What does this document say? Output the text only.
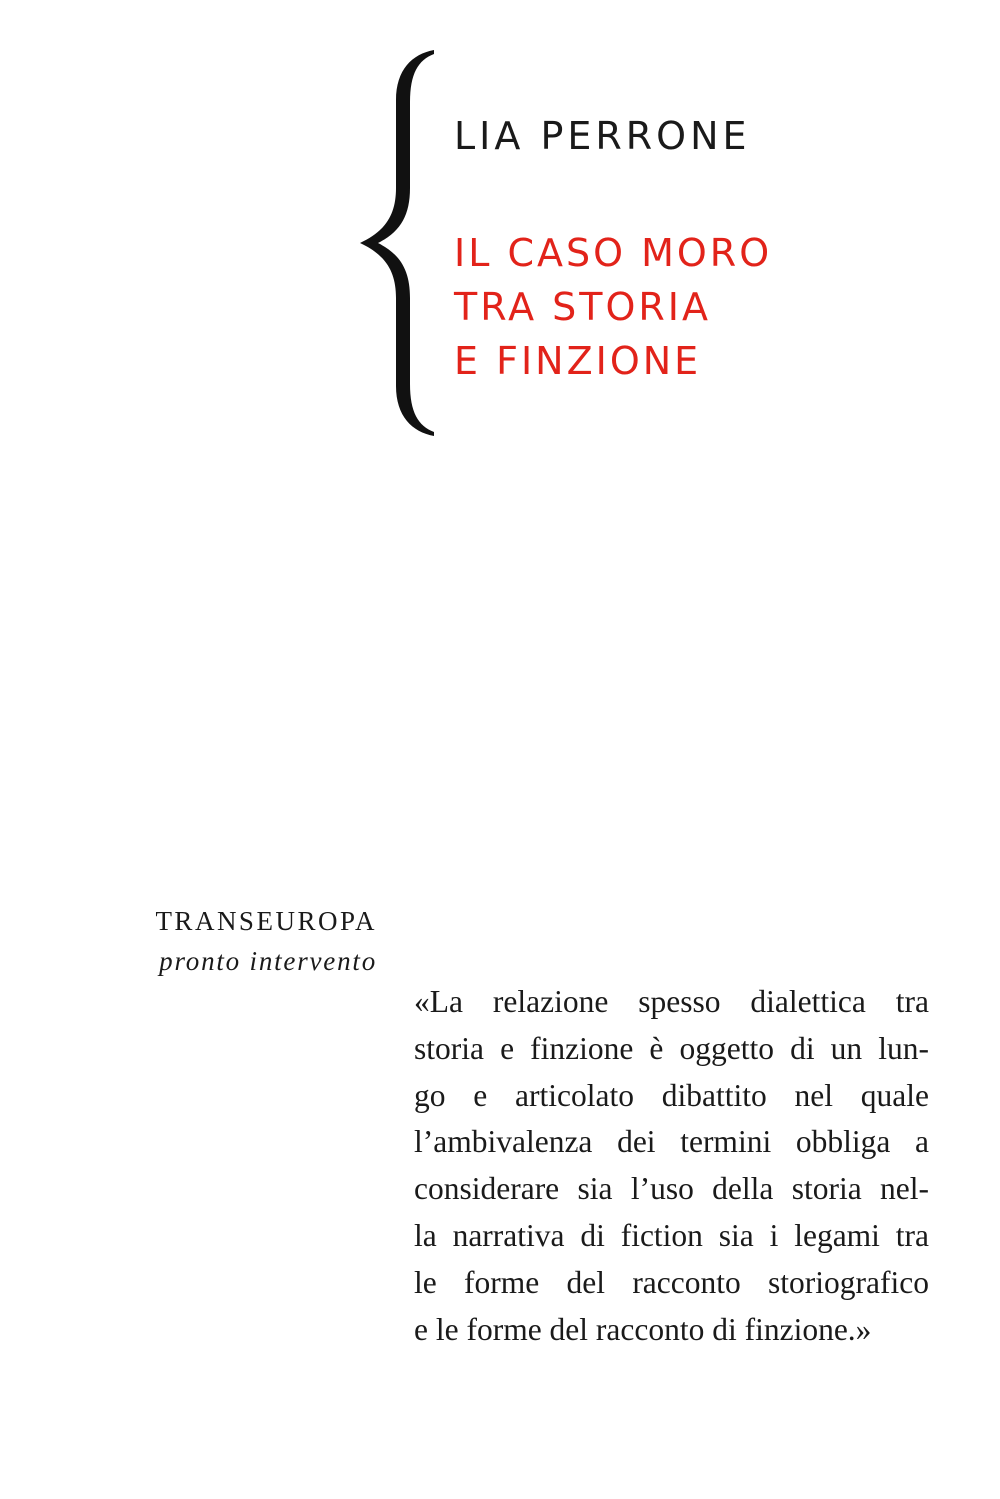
LIA PERRONE
IL CASO MORO
TRA STORIA
E FINZIONE
TRANSEUROPA
pronto intervento
«La relazione spesso dialettica tra
storia e finzione è oggetto di un lun-
go e articolato dibattito nel quale
l’ambivalenza dei termini obbliga a
considerare sia l’uso della storia nel-
la narrativa di fiction sia i legami tra
le forme del racconto storiografico
e le forme del racconto di finzione.»
